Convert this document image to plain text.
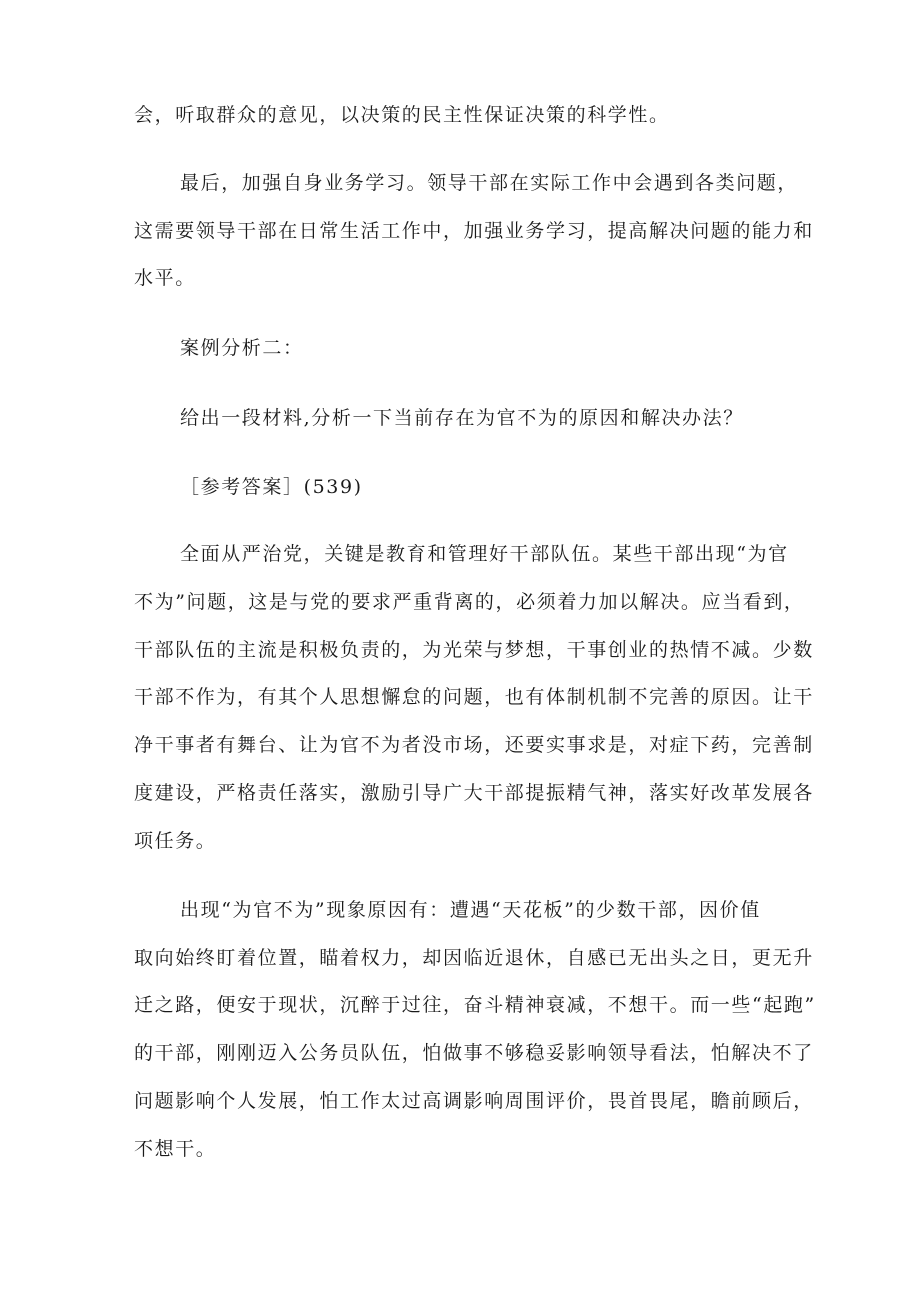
会，听取群众的意见，以决策的民主性保证决策的科学性。
最后，加强自身业务学习。领导干部在实际工作中会遇到各类问题，
这需要领导干部在日常生活工作中，加强业务学习，提高解决问题的能力和
水平。
案例分析二：
给出一段材料,分析一下当前存在为官不为的原因和解决办法？
［参考答案］(539)
全面从严治党，关键是教育和管理好干部队伍。某些干部出现“为官
不为”问题，这是与党的要求严重背离的，必须着力加以解决。应当看到，
干部队伍的主流是积极负责的，为光荣与梦想，干事创业的热情不减。少数
干部不作为，有其个人思想懈怠的问题，也有体制机制不完善的原因。让干
净干事者有舞台、让为官不为者没市场，还要实事求是，对症下药，完善制
度建设，严格责任落实，激励引导广大干部提振精气神，落实好改革发展各
项任务。
出现“为官不为”现象原因有：遭遇“天花板”的少数干部，因价值
取向始终盯着位置，瞄着权力，却因临近退休，自感已无出头之日，更无升
迁之路，便安于现状，沉醉于过往，奋斗精神衰减，不想干。而一些“起跑”
的干部，刚刚迈入公务员队伍，怕做事不够稳妥影响领导看法，怕解决不了
问题影响个人发展，怕工作太过高调影响周围评价，畏首畏尾，瞻前顾后，
不想干。
